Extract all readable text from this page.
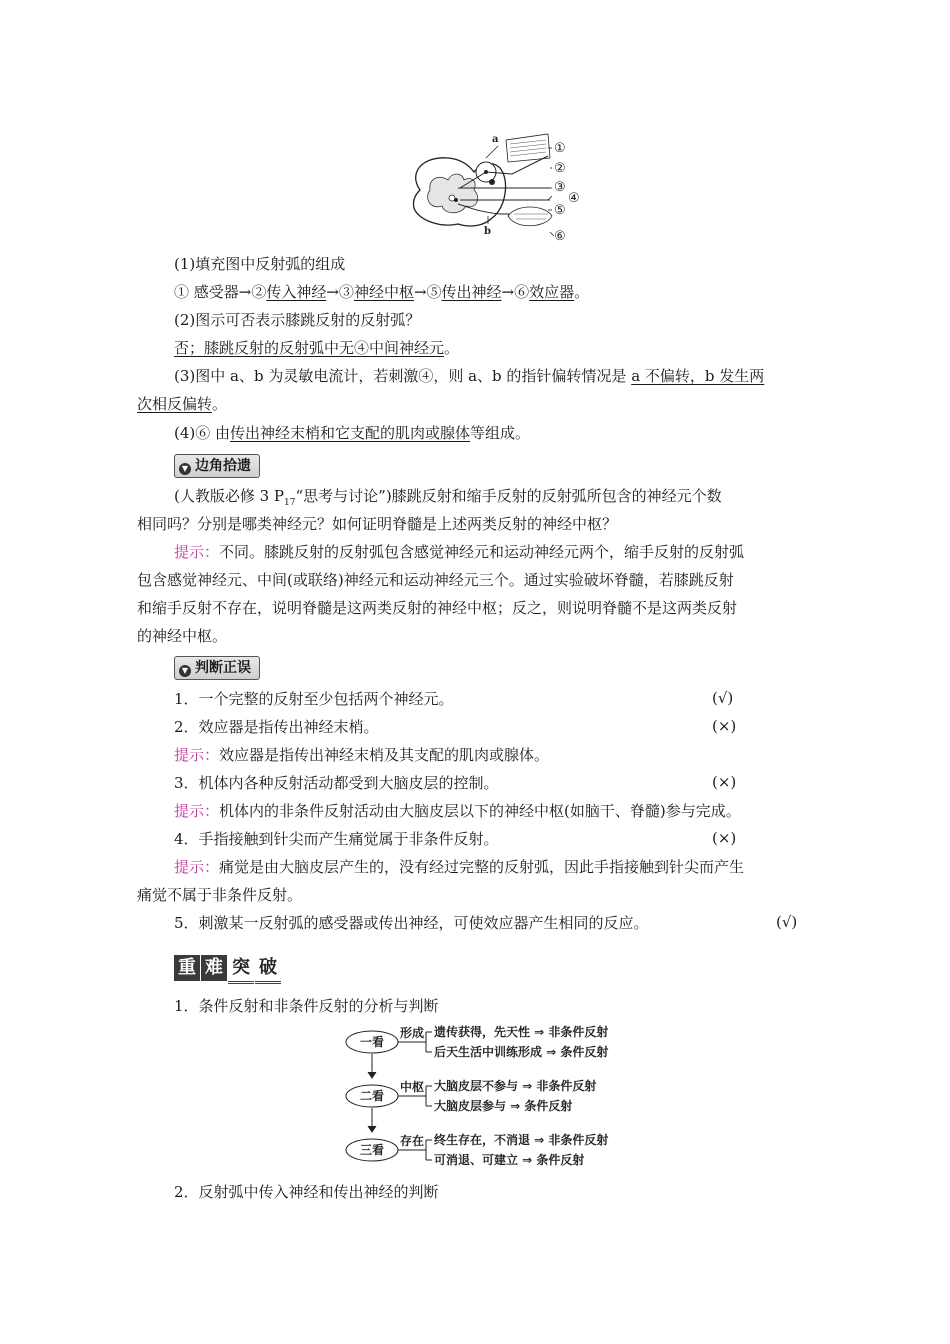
a
b
①
②
③
④
⑤
⑥
(1)填充图中反射弧的组成
① 感受器→②传入神经→③神经中枢→⑤传出神经→⑥效应器。
(2)图示可否表示膝跳反射的反射弧？
否；膝跳反射的反射弧中无④中间神经元。
(3)图中 a、b 为灵敏电流计，若刺激④，则 a、b 的指针偏转情况是 a 不偏转，b 发生两
次相反偏转。
(4)⑥ 由传出神经末梢和它支配的肌肉或腺体等组成。
▼ 边角拾遗
(人教版必修 3 $P_{17}“$思考与讨论”)膝跳反射和缩手反射的反射弧所包含的神经元个数
相同吗？分别是哪类神经元？如何证明脊髓是上述两类反射的神经中枢？
提示：不同。膝跳反射的反射弧包含感觉神经元和运动神经元两个，缩手反射的反射弧
包含感觉神经元、中间(或联络)神经元和运动神经元三个。通过实验破坏脊髓，若膝跳反射
和缩手反射不存在，说明脊髓是这两类反射的神经中枢；反之，则说明脊髓不是这两类反射
的神经中枢。
▼ 判断正误
1．一个完整的反射至少包括两个神经元。	(√)
2．效应器是指传出神经末梢。	(×)
提示：效应器是指传出神经末梢及其支配的肌肉或腺体。
3．机体内各种反射活动都受到大脑皮层的控制。	(×)
提示：机体内的非条件反射活动由大脑皮层以下的神经中枢(如脑干、脊髓)参与完成。
4．手指接触到针尖而产生痛觉属于非条件反射。	(×)
提示：痛觉是由大脑皮层产生的，没有经过完整的反射弧，因此手指接触到针尖而产生
痛觉不属于非条件反射。
5．刺激某一反射弧的感受器或传出神经，可使效应器产生相同的反应。	(√)
重 难 突 破
1．条件反射和非条件反射的分析与判断
一看
形成 遗传获得，先天性 ⇒ 非条件反射
后天生活中训练形成 ⇒ 条件反射
二看
中枢 大脑皮层不参与 ⇒ 非条件反射
大脑皮层参与 ⇒ 条件反射
三看
存在 终生存在，不消退 ⇒ 非条件反射
可消退、可建立 ⇒ 条件反射
2．反射弧中传入神经和传出神经的判断
